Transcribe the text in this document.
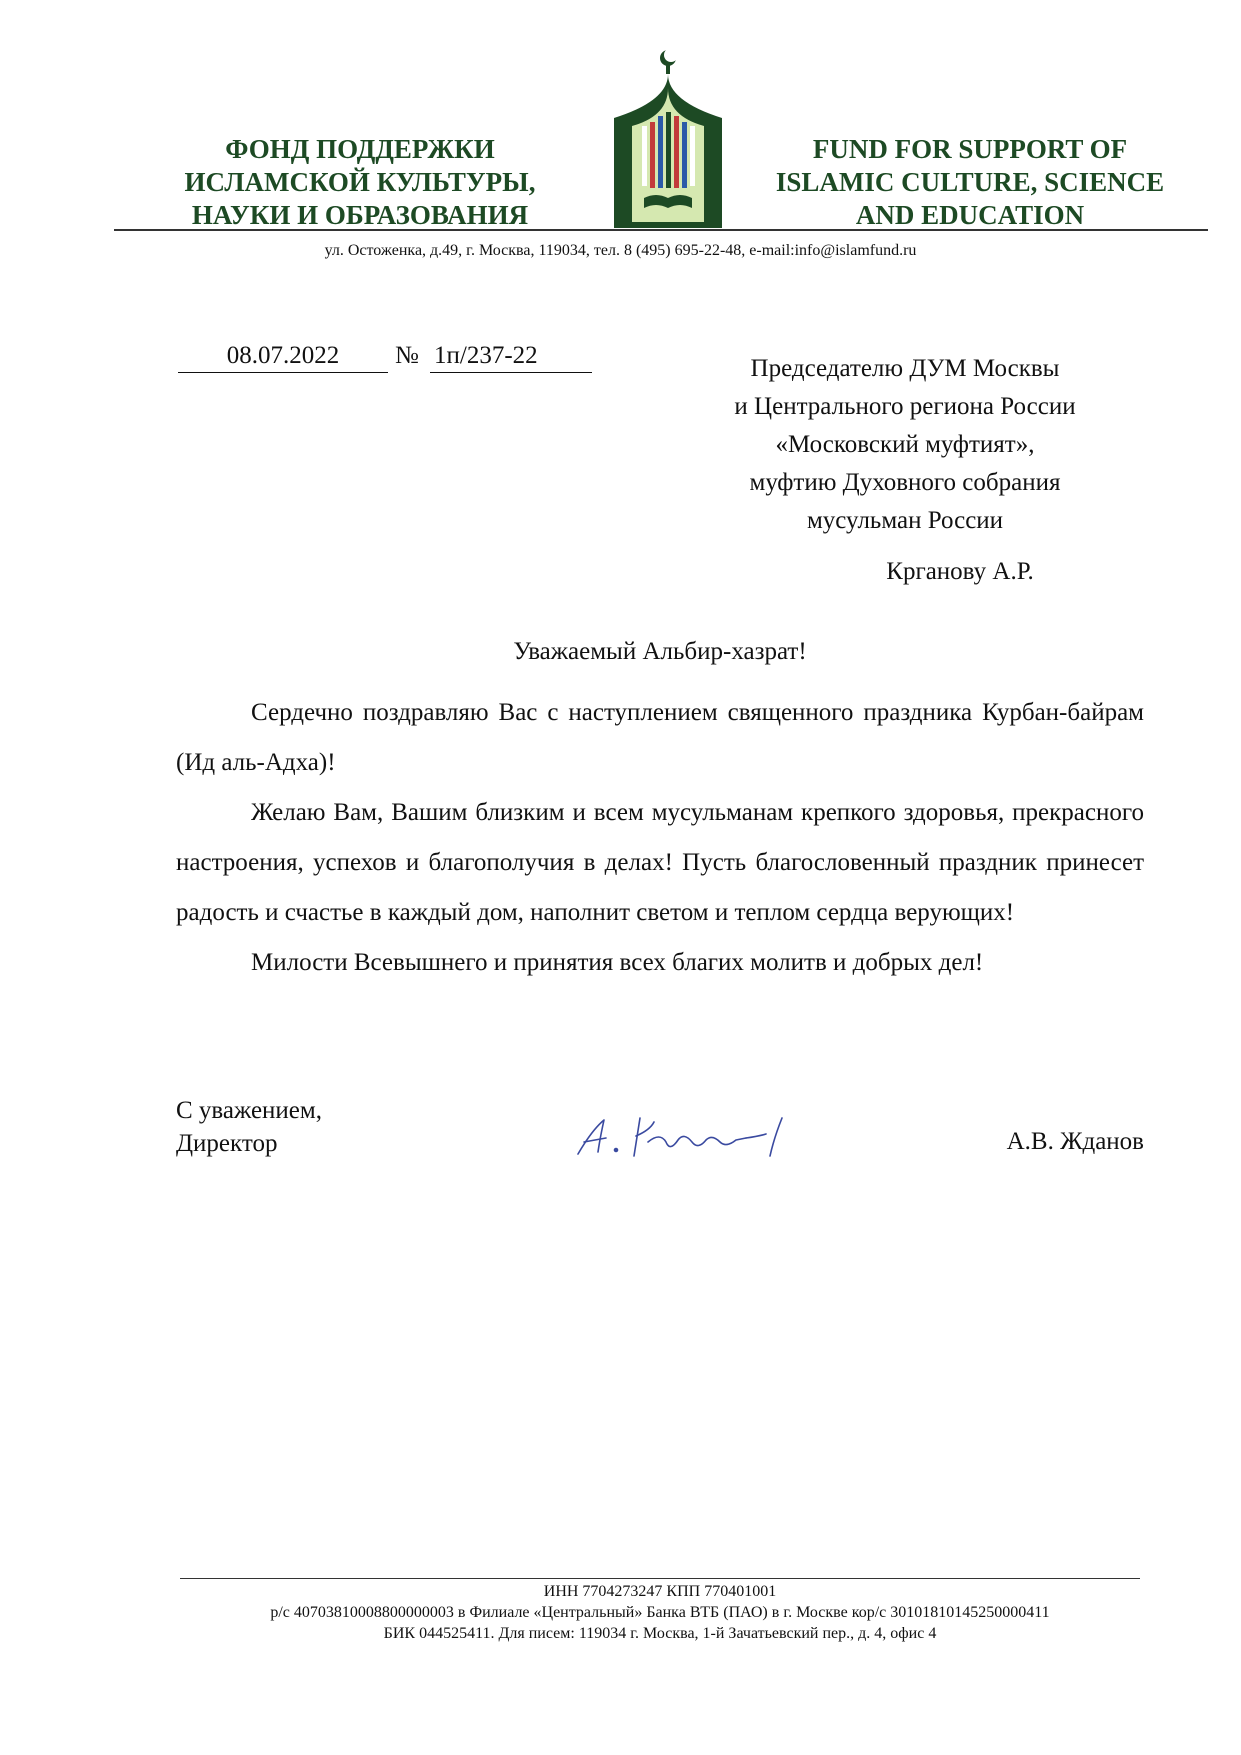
ФОНД ПОДДЕРЖКИ
ИСЛАМСКОЙ КУЛЬТУРЫ,
НАУКИ И ОБРАЗОВАНИЯ
FUND FOR SUPPORT OF
ISLAMIC CULTURE, SCIENCE
AND EDUCATION
ул. Остоженка, д.49, г. Москва, 119034, тел. 8 (495) 695-22-48, e-mail:info@islamfund.ru
08.07.2022	№ 1п/237-22	Председателю ДУМ Москвы
и Центрального региона России
«Московский муфтият»,
муфтию Духовного собрания
мусульман России
Крганову А.Р.
Уважаемый Альбир-хазрат!

Сердечно поздравляю Вас с наступлением священного праздника Курбан-байрам (Ид аль-Адха)!

Желаю Вам, Вашим близким и всем мусульманам крепкого здоровья, прекрасного настроения, успехов и благополучия в делах! Пусть благословенный праздник принесет радость и счастье в каждый дом, наполнит светом и теплом сердца верующих!

Милости Всевышнего и принятия всех благих молитв и добрых дел!

С уважением,
Директор	А.В. Жданов
ИНН 7704273247 КПП 770401001
р/с 40703810008800000003 в Филиале «Центральный» Банка ВТБ (ПАО) в г. Москве кор/с 30101810145250000411
БИК 044525411. Для писем: 119034 г. Москва, 1-й Зачатьевский пер., д. 4, офис 4
